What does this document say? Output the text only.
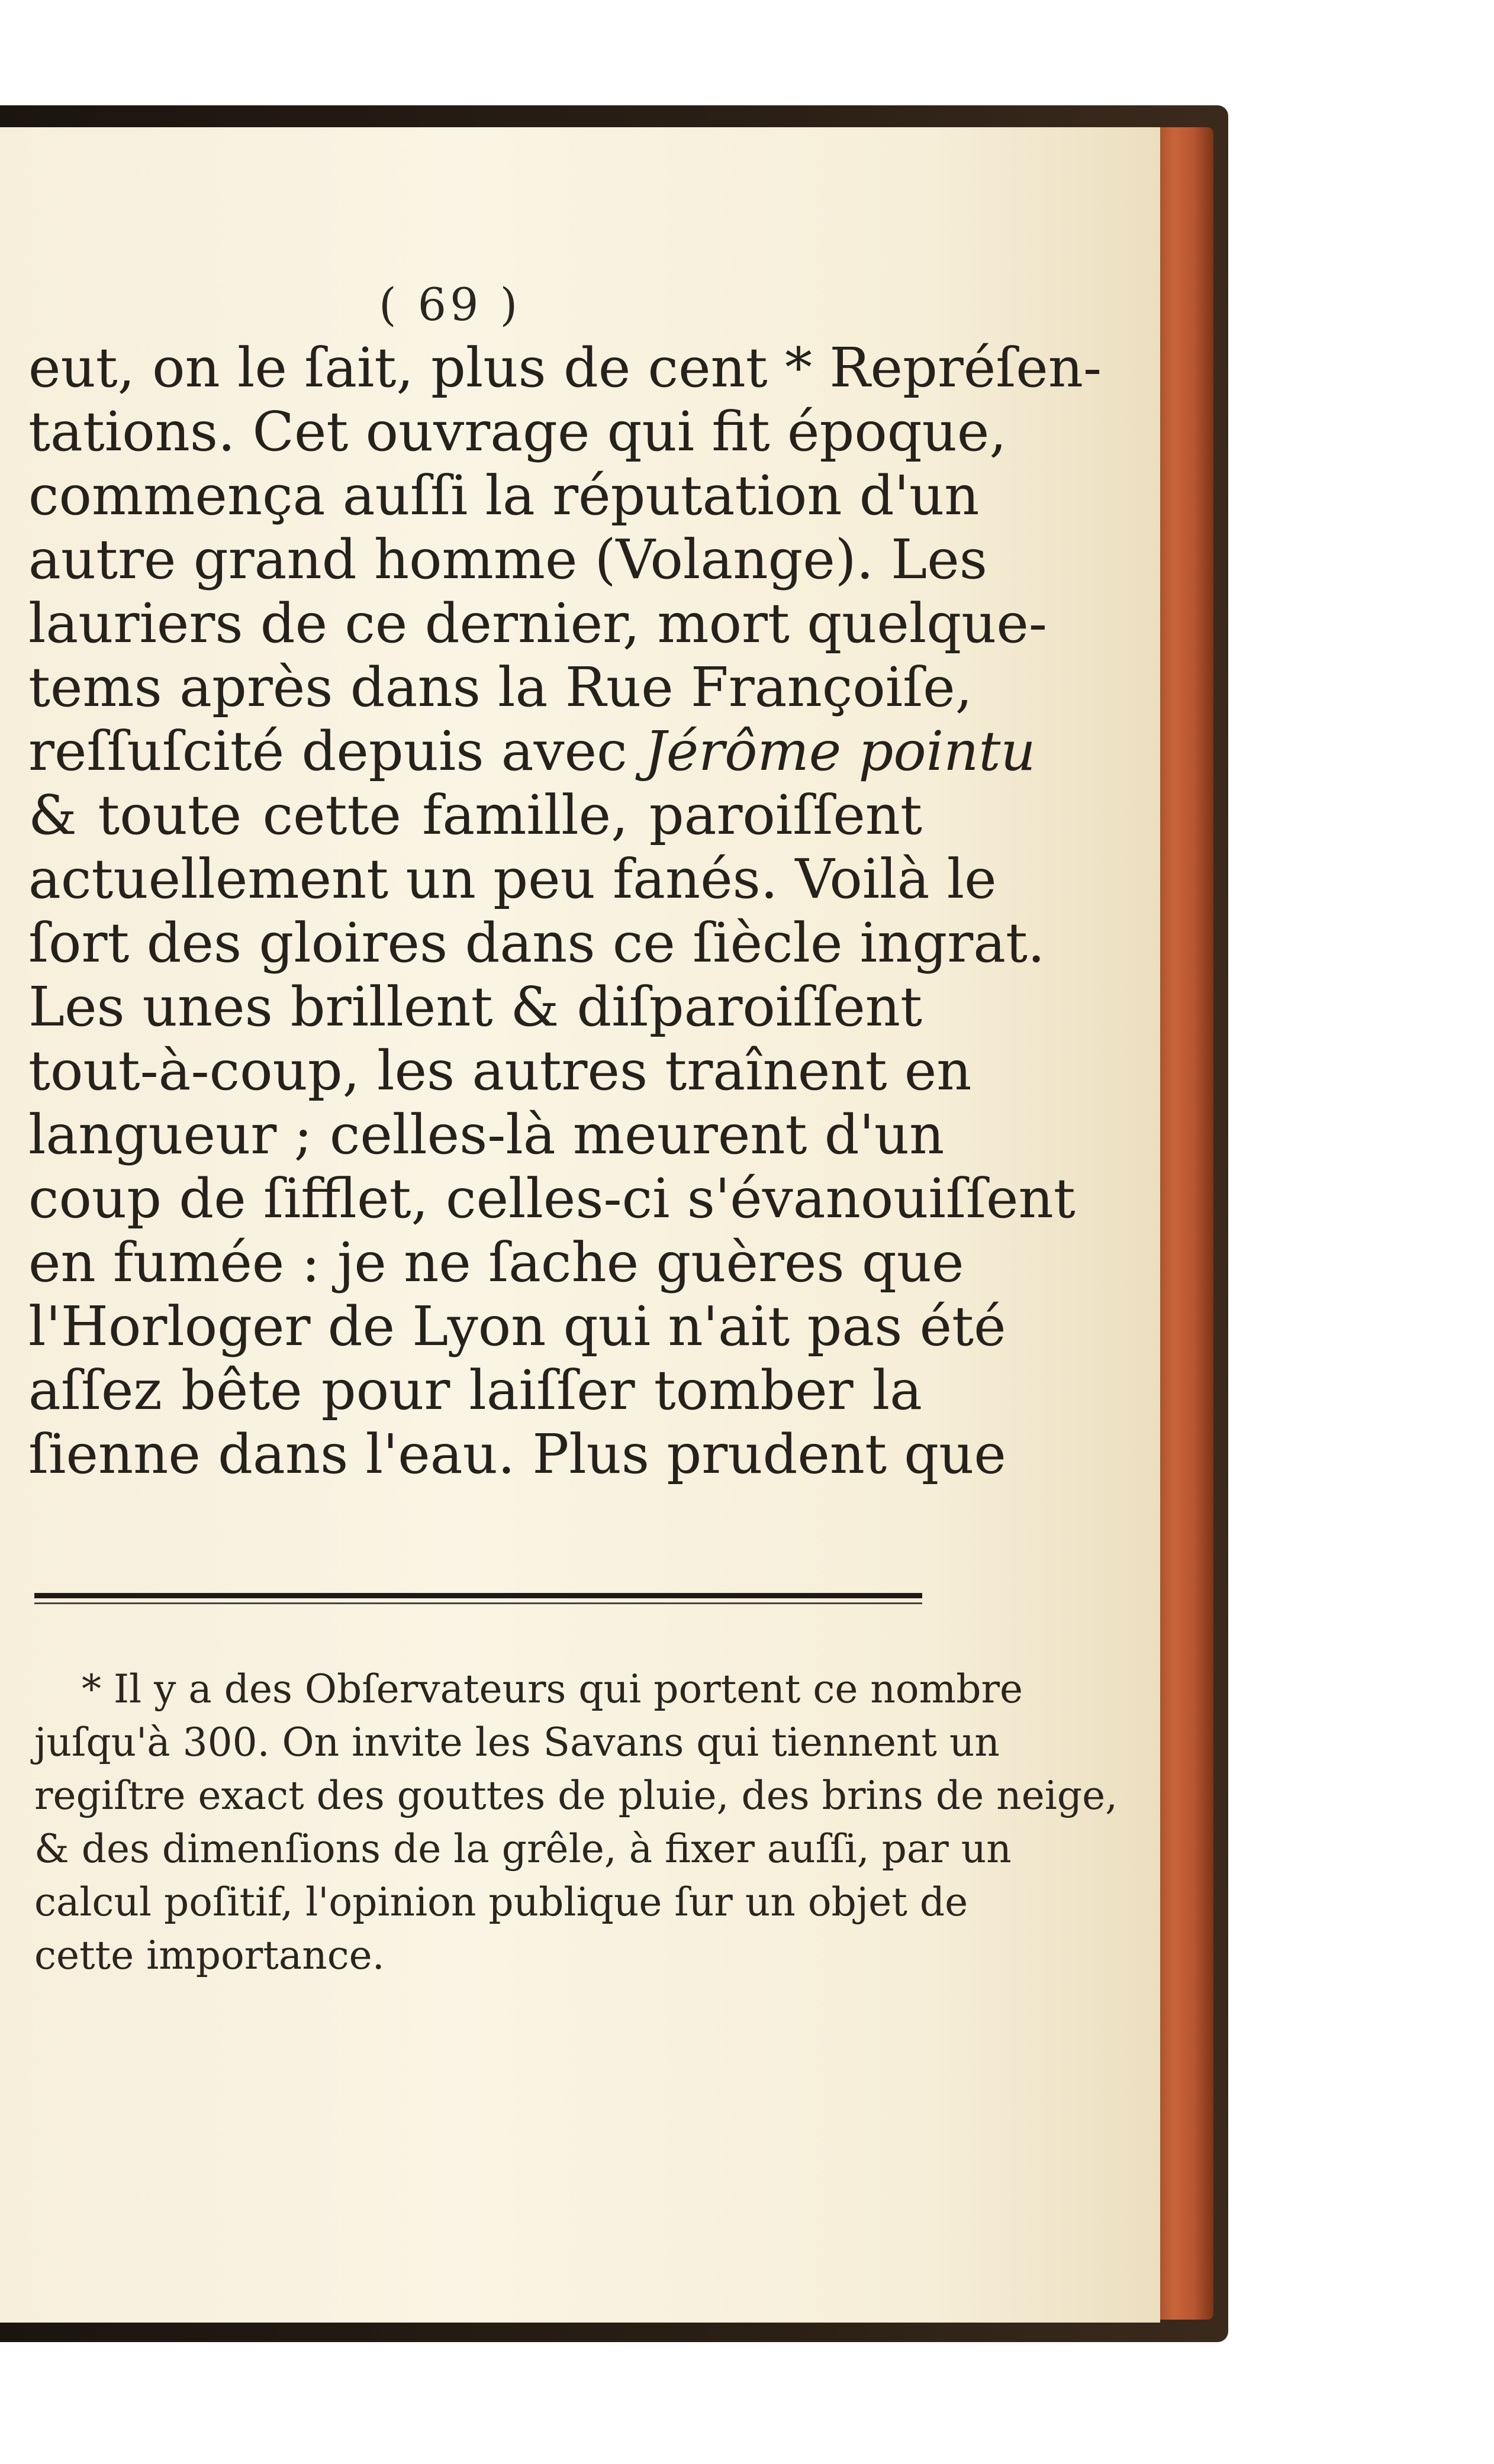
( 69 )
eut, on le ſait, plus de cent * Repréſen-
tations. Cet ouvrage qui fit époque,
commença auſſi la réputation d'un
autre grand homme (Volange). Les
lauriers de ce dernier, mort quelque-
tems après dans la Rue Françoiſe,
reſſuſcité depuis avec Jérôme pointu
& toute cette famille, paroiſſent
actuellement un peu fanés. Voilà le
ſort des gloires dans ce ſiècle ingrat.
Les unes brillent & diſparoiſſent
tout-à-coup, les autres traînent en
langueur ; celles-là meurent d'un
coup de ſifflet, celles-ci s'évanouiſſent
en fumée : je ne ſache guères que
l'Horloger de Lyon qui n'ait pas été
aſſez bête pour laiſſer tomber la
ſienne dans l'eau. Plus prudent que
* Il y a des Obſervateurs qui portent ce nombre
juſqu'à 300. On invite les Savans qui tiennent un
regiſtre exact des gouttes de pluie, des brins de neige,
& des dimenſions de la grêle, à fixer auſſi, par un
calcul poſitif, l'opinion publique ſur un objet de
cette importance.
